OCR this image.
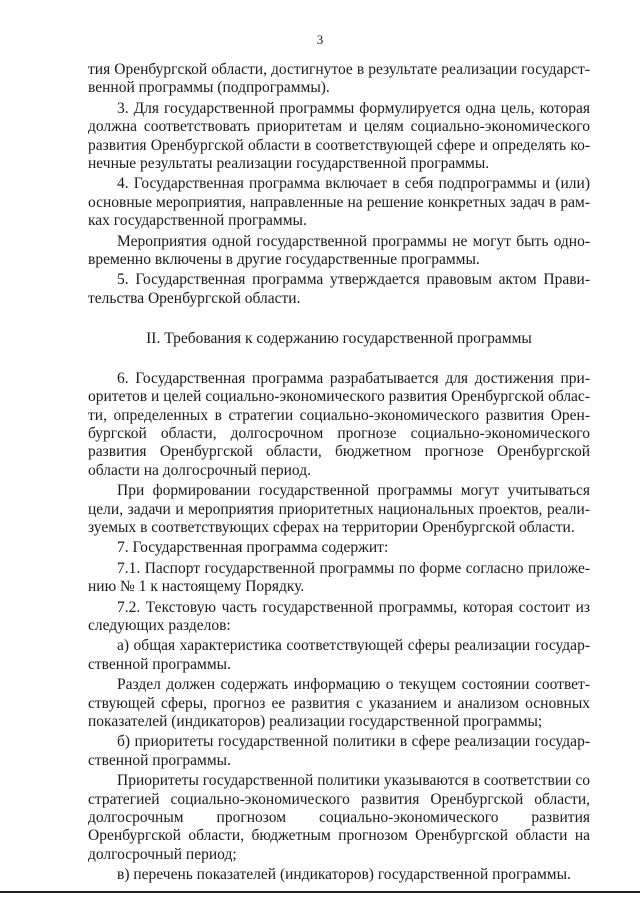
3

тия Оренбургской области, достигнутое в результате реализации государственной программы (подпрограммы).

3. Для государственной программы формулируется одна цель, которая должна соответствовать приоритетам и целям социально-экономического развития Оренбургской области в соответствующей сфере и определять конечные результаты реализации государственной программы.

4. Государственная программа включает в себя подпрограммы и (или) основные мероприятия, направленные на решение конкретных задач в рамках государственной программы.

Мероприятия одной государственной программы не могут быть одновременно включены в другие государственные программы.

5. Государственная программа утверждается правовым актом Правительства Оренбургской области.

II. Требования к содержанию государственной программы

6. Государственная программа разрабатывается для достижения приоритетов и целей социально-экономического развития Оренбургской области, определенных в стратегии социально-экономического развития Оренбургской области, долгосрочном прогнозе социально-экономического развития Оренбургской области, бюджетном прогнозе Оренбургской области на долгосрочный период.

При формировании государственной программы могут учитываться цели, задачи и мероприятия приоритетных национальных проектов, реализуемых в соответствующих сферах на территории Оренбургской области.

7. Государственная программа содержит:

7.1. Паспорт государственной программы по форме согласно приложению № 1 к настоящему Порядку.

7.2. Текстовую часть государственной программы, которая состоит из следующих разделов:

а) общая характеристика соответствующей сферы реализации государственной программы.

Раздел должен содержать информацию о текущем состоянии соответствующей сферы, прогноз ее развития с указанием и анализом основных показателей (индикаторов) реализации государственной программы;

б) приоритеты государственной политики в сфере реализации государственной программы.

Приоритеты государственной политики указываются в соответствии со стратегией социально-экономического развития Оренбургской области, долгосрочным прогнозом социально-экономического развития Оренбургской области, бюджетным прогнозом Оренбургской области на долгосрочный период;

в) перечень показателей (индикаторов) государственной программы.
